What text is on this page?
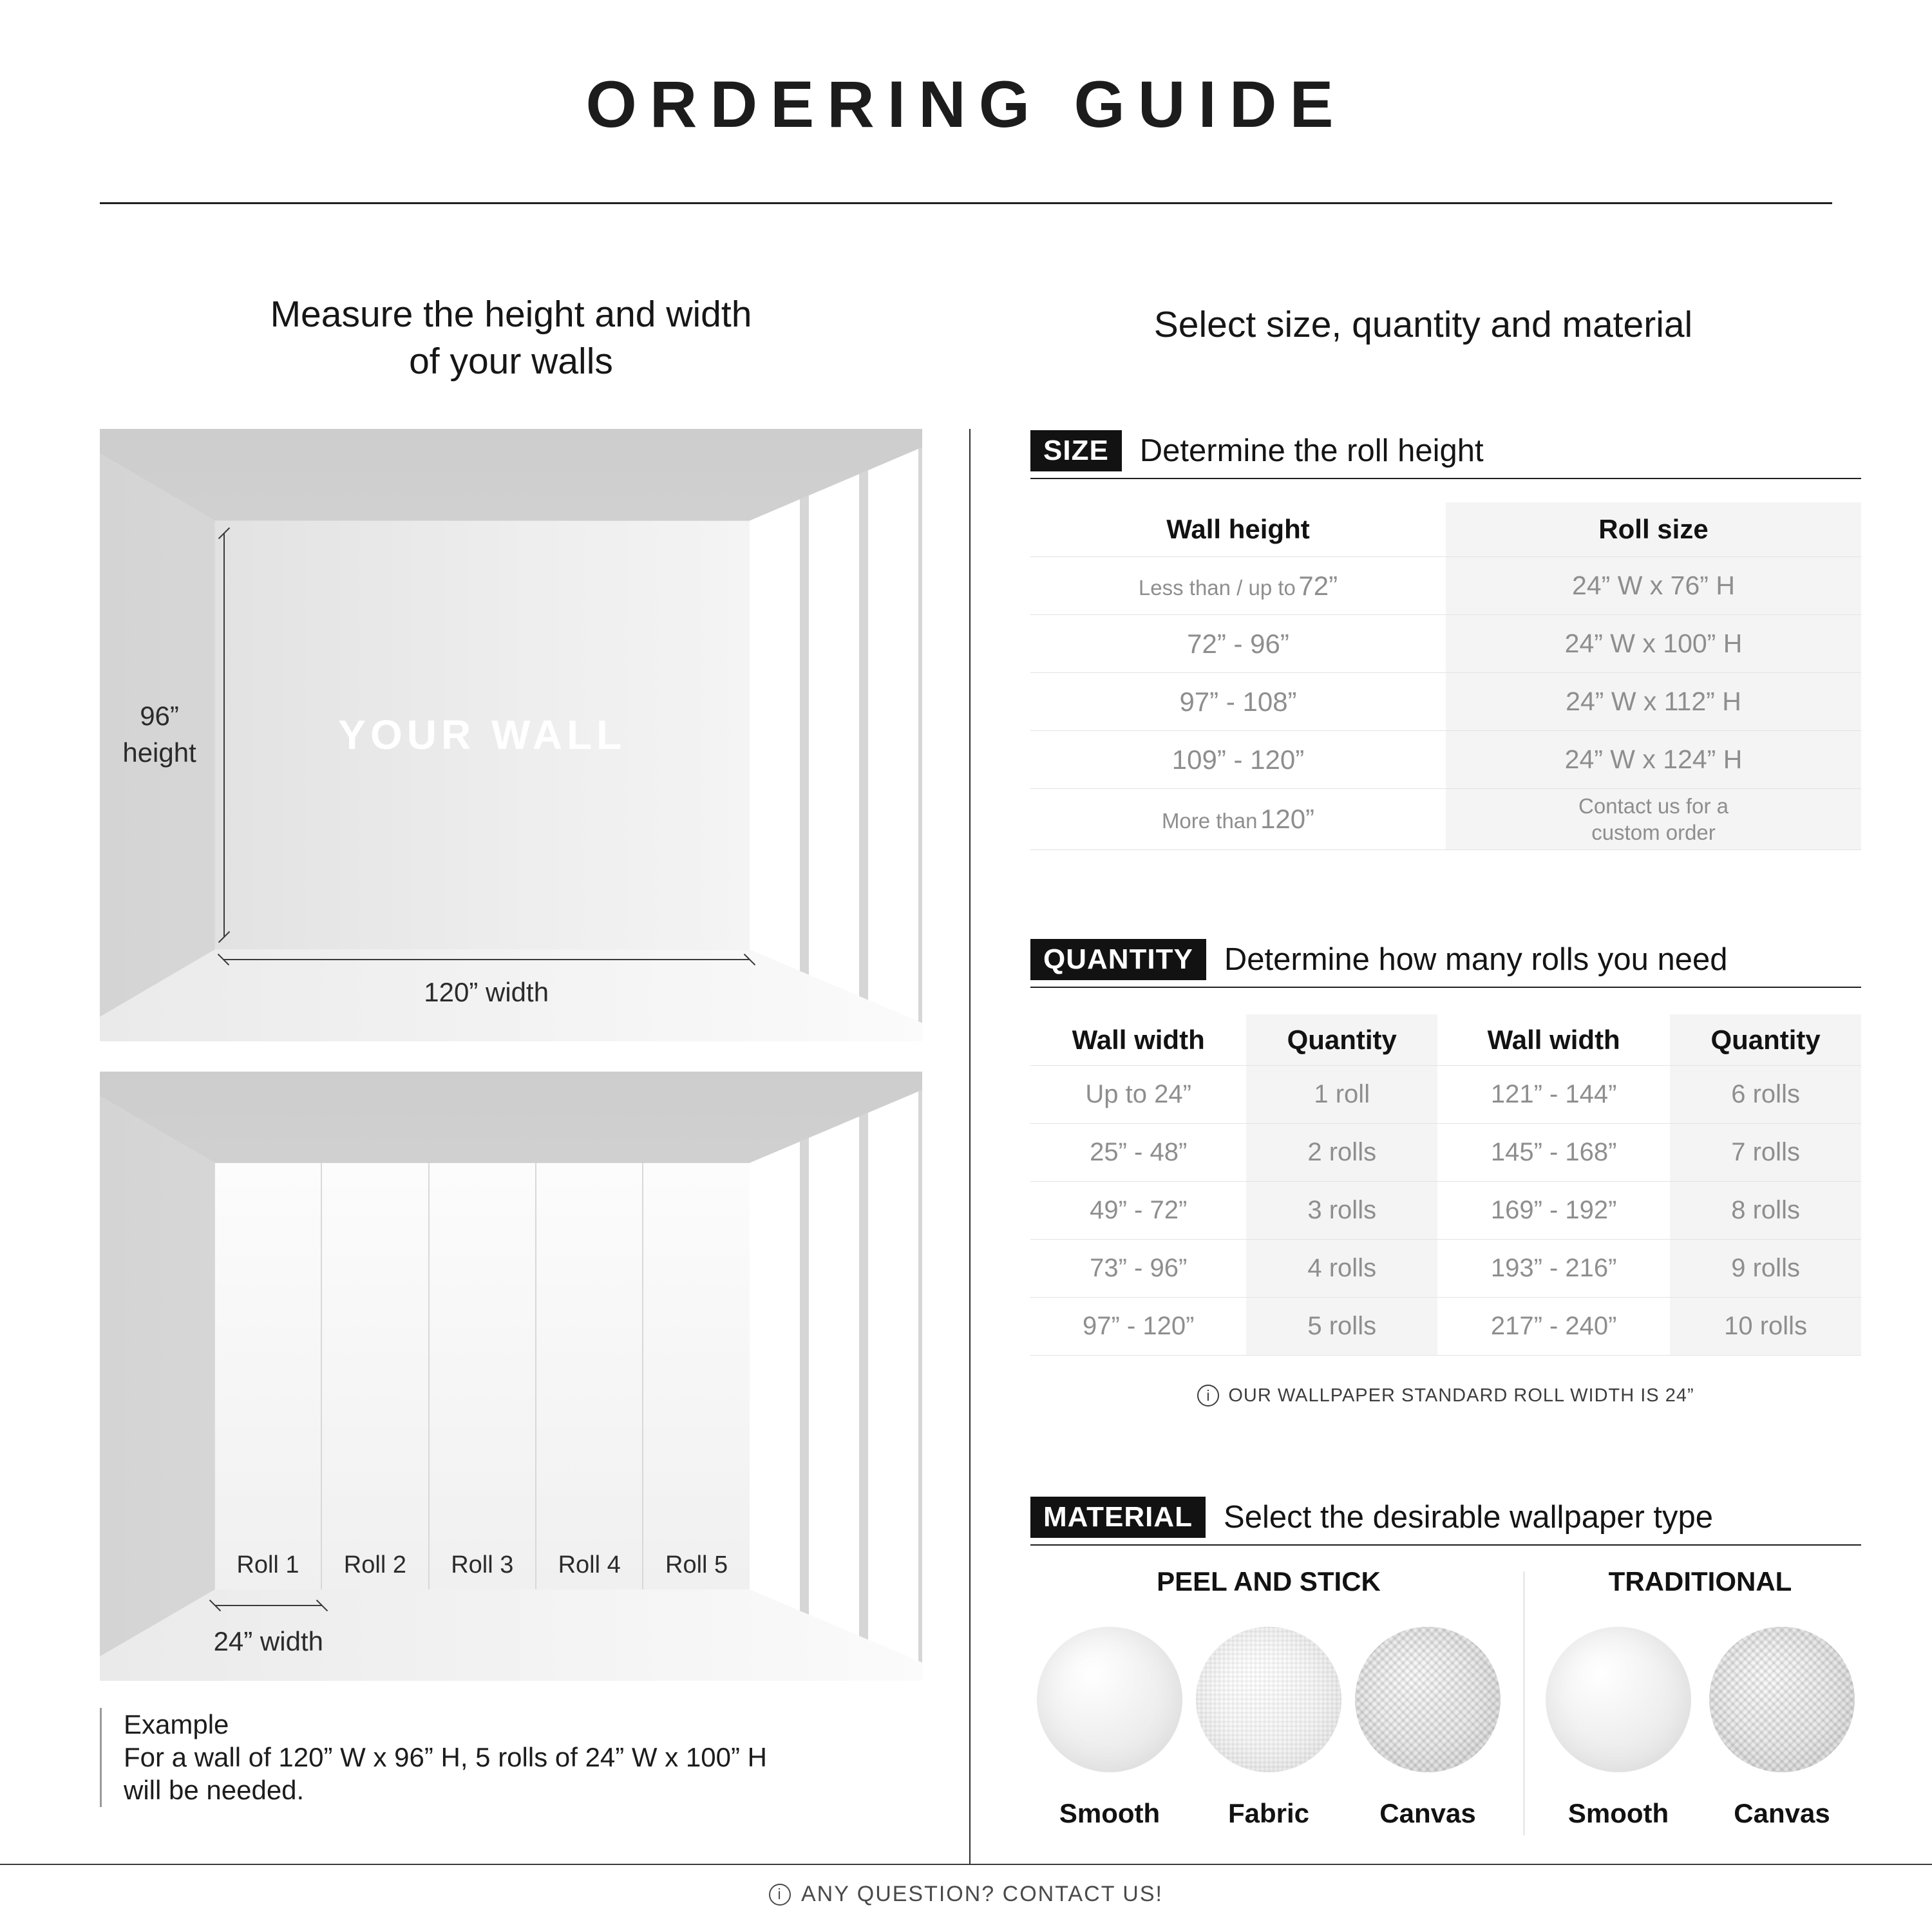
ORDERING GUIDE
Measure the height and width
of your walls
YOUR WALL
96”
height
120” width
Roll 1	Roll 2	Roll 3	Roll 4	Roll 5
24” width
Example
For a wall of 120” W x 96” H, 5 rolls of 24” W x 100” H
will be needed.
Select size, quantity and material
SIZE Determine the roll height
Wall height	Roll size
Less than / up to 72”	24” W x 76” H
72” - 96”	24” W x 100” H
97” - 108”	24” W x 112” H
109” - 120”	24” W x 124” H
More than 120”	Contact us for a
custom order
QUANTITY Determine how many rolls you need
Wall width	Quantity	Wall width	Quantity
Up to 24”	1 roll	121” - 144”	6 rolls
25” - 48”	2 rolls	145” - 168”	7 rolls
49” - 72”	3 rolls	169” - 192”	8 rolls
73” - 96”	4 rolls	193” - 216”	9 rolls
97” - 120”	5 rolls	217” - 240”	10 rolls
i
OUR WALLPAPER STANDARD ROLL WIDTH IS 24”
MATERIAL Select the desirable wallpaper type
PEEL AND STICK
Smooth	Fabric	Canvas
TRADITIONAL
Smooth Canvas
i
ANY QUESTION? CONTACT US!
